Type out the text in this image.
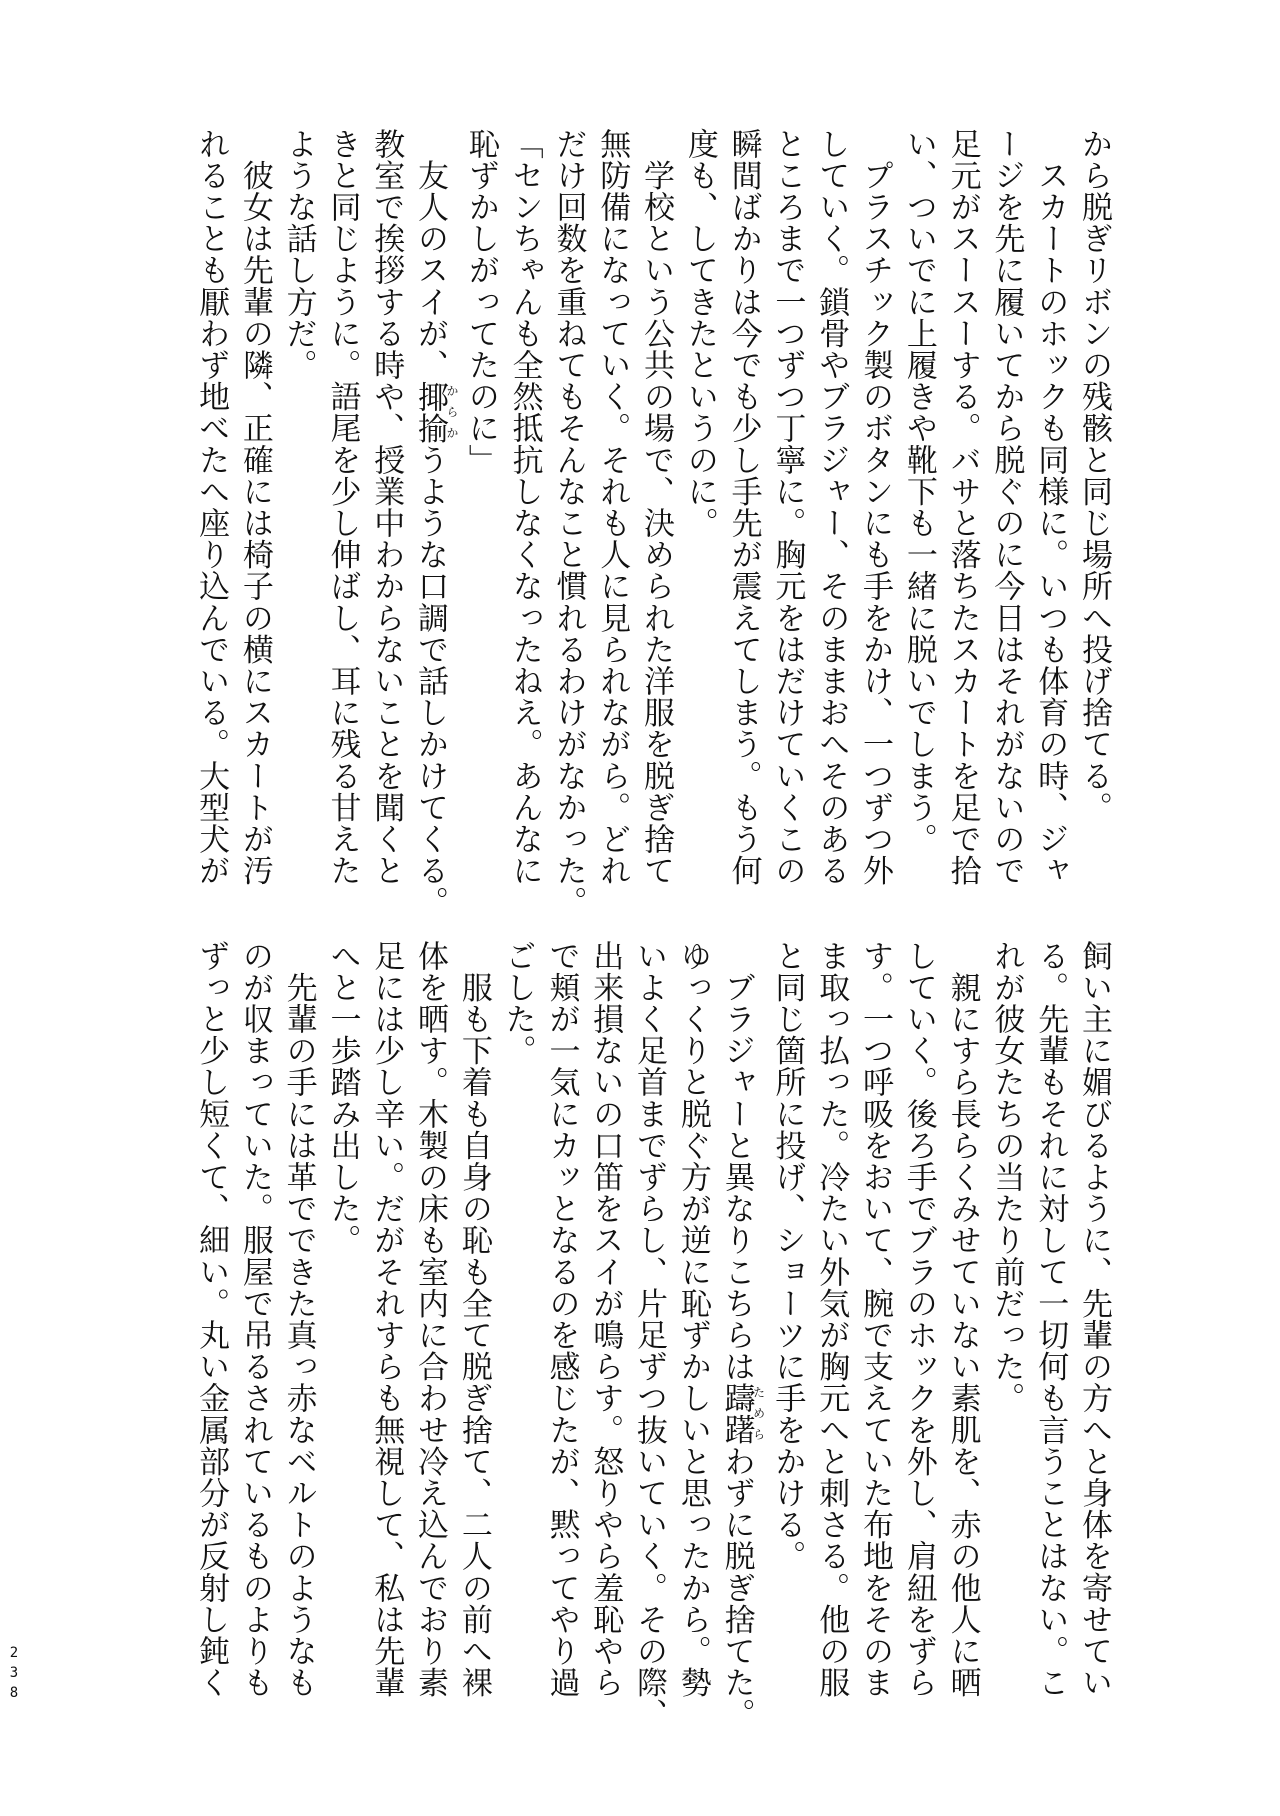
から脱ぎリボンの残骸と同じ場所へ投げ捨てる。
　スカートのホックも同様に。いつも体育の時、ジャ
ージを先に履いてから脱ぐのに今日はそれがないので
足元がスースーする。バサと落ちたスカートを足で拾
い、ついでに上履きや靴下も一緒に脱いでしまう。
　プラスチック製のボタンにも手をかけ、一つずつ外
していく。鎖骨やブラジャー、そのままおへそのある
ところまで一つずつ丁寧に。胸元をはだけていくこの
瞬間ばかりは今でも少し手先が震えてしまう。もう何
度も、してきたというのに。
　学校という公共の場で、決められた洋服を脱ぎ捨て
無防備になっていく。それも人に見られながら。どれ
だけ回数を重ねてもそんなこと慣れるわけがなかった。
「センちゃんも全然抵抗しなくなったねえ。あんなに
恥ずかしがってたのに」
　友人のスイが、揶揄からかうような口調で話しかけてくる。
教室で挨拶する時や、授業中わからないことを聞くと
きと同じように。語尾を少し伸ばし、耳に残る甘えた
ような話し方だ。
　彼女は先輩の隣、正確には椅子の横にスカートが汚
れることも厭わず地べたへ座り込んでいる。大型犬が
飼い主に媚びるように、先輩の方へと身体を寄せてい
る。先輩もそれに対して一切何も言うことはない。こ
れが彼女たちの当たり前だった。
　親にすら長らくみせていない素肌を、赤の他人に晒
していく。後ろ手でブラのホックを外し、肩紐をずら
す。一つ呼吸をおいて、腕で支えていた布地をそのま
ま取っ払った。冷たい外気が胸元へと刺さる。他の服
と同じ箇所に投げ、ショーツに手をかける。
　ブラジャーと異なりこちらは躊躇ためらわずに脱ぎ捨てた。
ゆっくりと脱ぐ方が逆に恥ずかしいと思ったから。勢
いよく足首までずらし、片足ずつ抜いていく。その際、
出来損ないの口笛をスイが鳴らす。怒りやら羞恥やら
で頬が一気にカッとなるのを感じたが、黙ってやり過
ごした。
　服も下着も自身の恥も全て脱ぎ捨て、二人の前へ裸
体を晒す。木製の床も室内に合わせ冷え込んでおり素
足には少し辛い。だがそれすらも無視して、私は先輩
へと一歩踏み出した。
　先輩の手には革でできた真っ赤なベルトのようなも
のが収まっていた。服屋で吊るされているものよりも
ずっと少し短くて、細い。丸い金属部分が反射し鈍く
238
